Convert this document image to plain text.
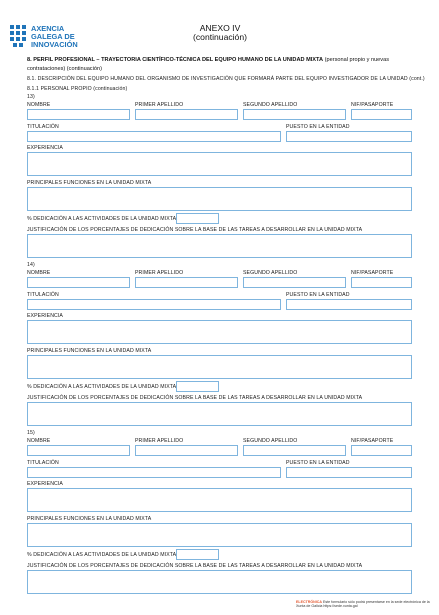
AXENCIA
GALEGA DE
INNOVACIÓN
ANEXO IV
(continuación)
8. PERFIL PROFESIONAL – TRAYECTORIA CIENTÍFICO-TÉCNICA DEL EQUIPO HUMANO DE LA UNIDAD MIXTA (personal propio y nuevas contrataciones) (continuación)
8.1. DESCRIPCIÓN DEL EQUIPO HUMANO DEL ORGANISMO DE INVESTIGACIÓN QUE FORMARÁ PARTE DEL EQUIPO INVESTIGADOR DE LA UNIDAD (cont.)
8.1.1 PERSONAL PROPIO (continuación)
13)
NOMBRE	PRIMER APELLIDO	SEGUNDO APELLIDO	NIF/PASAPORTE
TITULACIÓN	PUESTO EN LA ENTIDAD
EXPERIENCIA
PRINCIPALES FUNCIONES EN LA UNIDAD MIXTA
% DEDICACIÓN A LAS ACTIVIDADES DE LA UNIDAD MIXTA
JUSTIFICACIÓN DE LOS PORCENTAJES DE DEDICACIÓN SOBRE LA BASE DE LAS TAREAS A DESARROLLAR EN LA UNIDAD MIXTA
14)
NOMBRE	PRIMER APELLIDO	SEGUNDO APELLIDO	NIF/PASAPORTE
TITULACIÓN	PUESTO EN LA ENTIDAD
EXPERIENCIA
PRINCIPALES FUNCIONES EN LA UNIDAD MIXTA
% DEDICACIÓN A LAS ACTIVIDADES DE LA UNIDAD MIXTA
JUSTIFICACIÓN DE LOS PORCENTAJES DE DEDICACIÓN SOBRE LA BASE DE LAS TAREAS A DESARROLLAR EN LA UNIDAD MIXTA
15)
NOMBRE	PRIMER APELLIDO	SEGUNDO APELLIDO	NIF/PASAPORTE
TITULACIÓN	PUESTO EN LA ENTIDAD
EXPERIENCIA
PRINCIPALES FUNCIONES EN LA UNIDAD MIXTA
% DEDICACIÓN A LAS ACTIVIDADES DE LA UNIDAD MIXTA
JUSTIFICACIÓN DE LOS PORCENTAJES DE DEDICACIÓN SOBRE LA BASE DE LAS TAREAS A DESARROLLAR EN LA UNIDAD MIXTA
ELECTRÓNICA Este formulario sólo podrá presentarse en la sede electrónica de la Xunta de Galicia https://sede.xunta.gal
